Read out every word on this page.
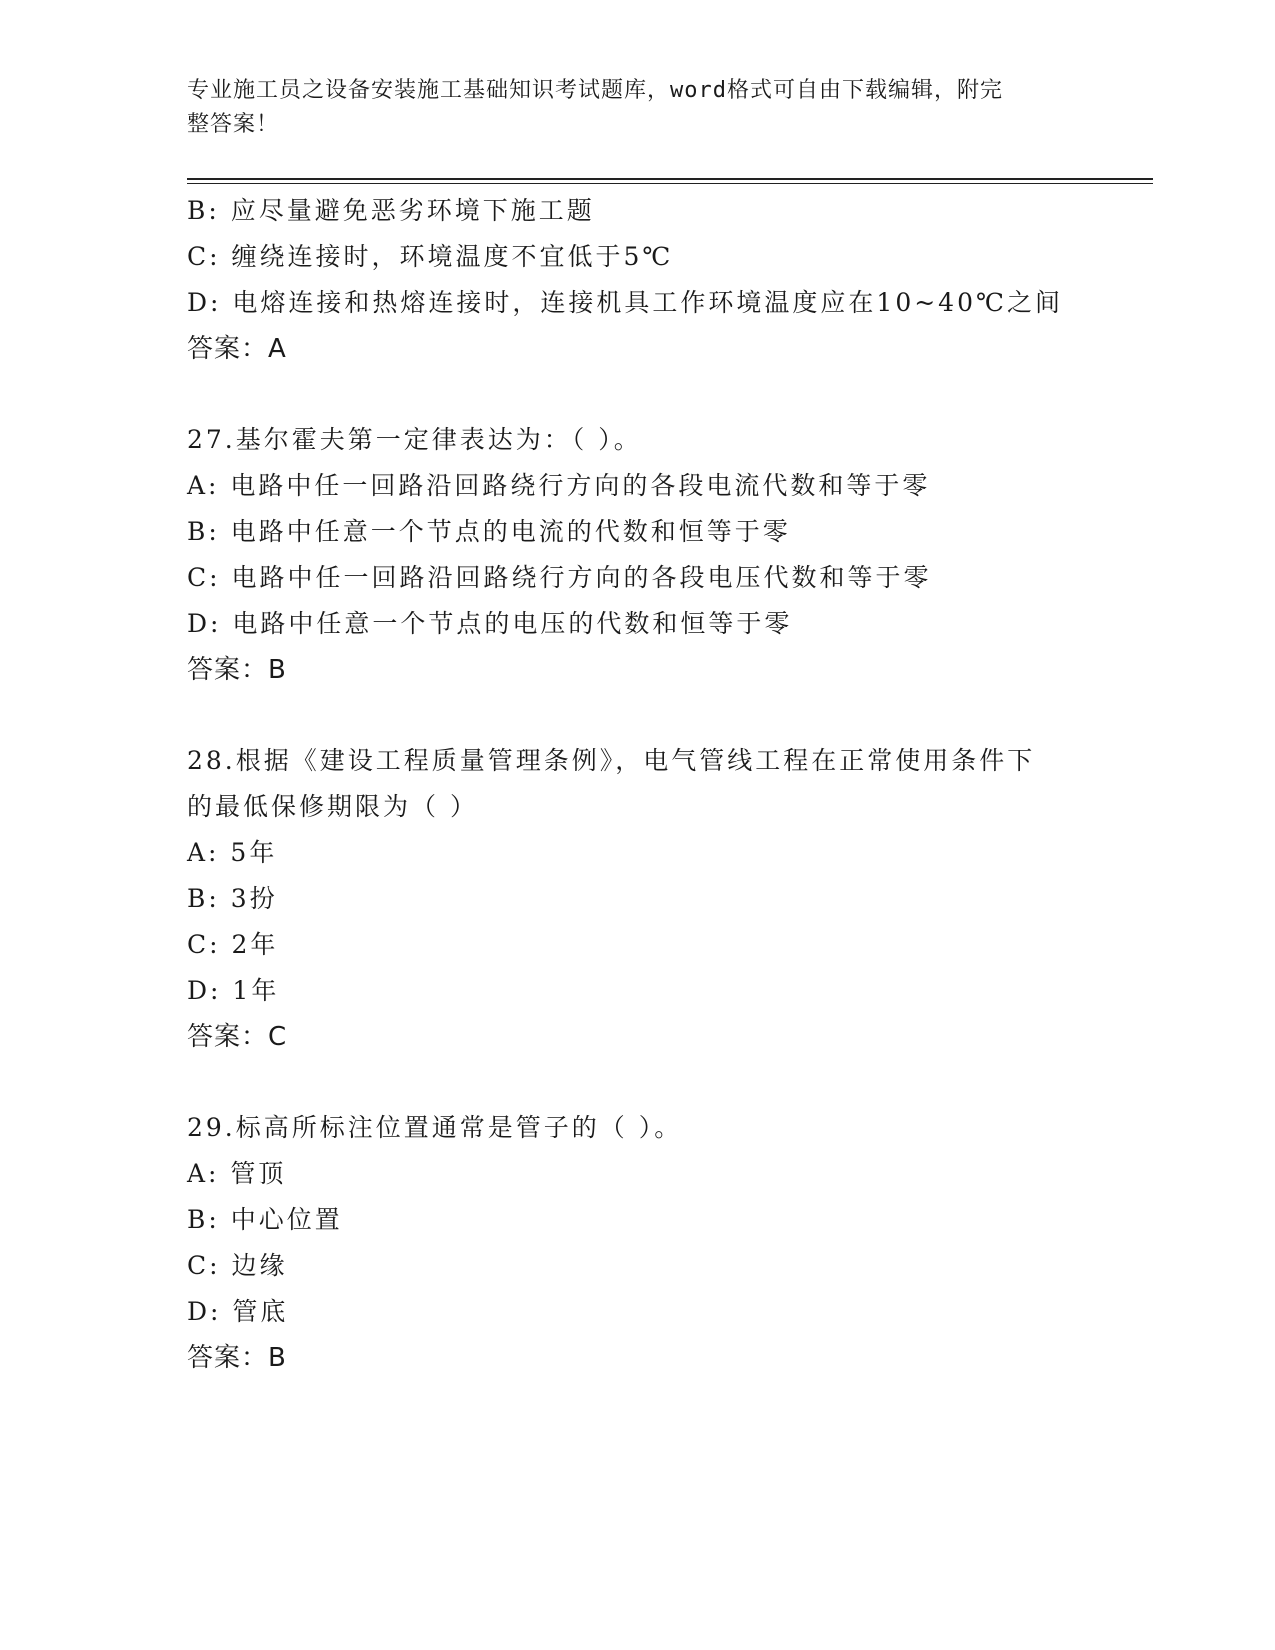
专业施工员之设备安装施工基础知识考试题库，word格式可自由下载编辑，附完
整答案！
B: 应尽量避免恶劣环境下施工题
C: 缠绕连接时，环境温度不宜低于5℃
D: 电熔连接和热熔连接时，连接机具工作环境温度应在10~40℃之间
答案：A
27.基尔霍夫第一定律表达为：（ ）。
A: 电路中任一回路沿回路绕行方向的各段电流代数和等于零
B: 电路中任意一个节点的电流的代数和恒等于零
C: 电路中任一回路沿回路绕行方向的各段电压代数和等于零
D: 电路中任意一个节点的电压的代数和恒等于零
答案：B
28.根据《建设工程质量管理条例》，电气管线工程在正常使用条件下
的最低保修期限为（ ）
A: 5年
B: 3扮
C: 2年
D: 1年
答案：C
29.标高所标注位置通常是管子的（ ）。
A: 管顶
B: 中心位置
C: 边缘
D: 管底
答案：B
